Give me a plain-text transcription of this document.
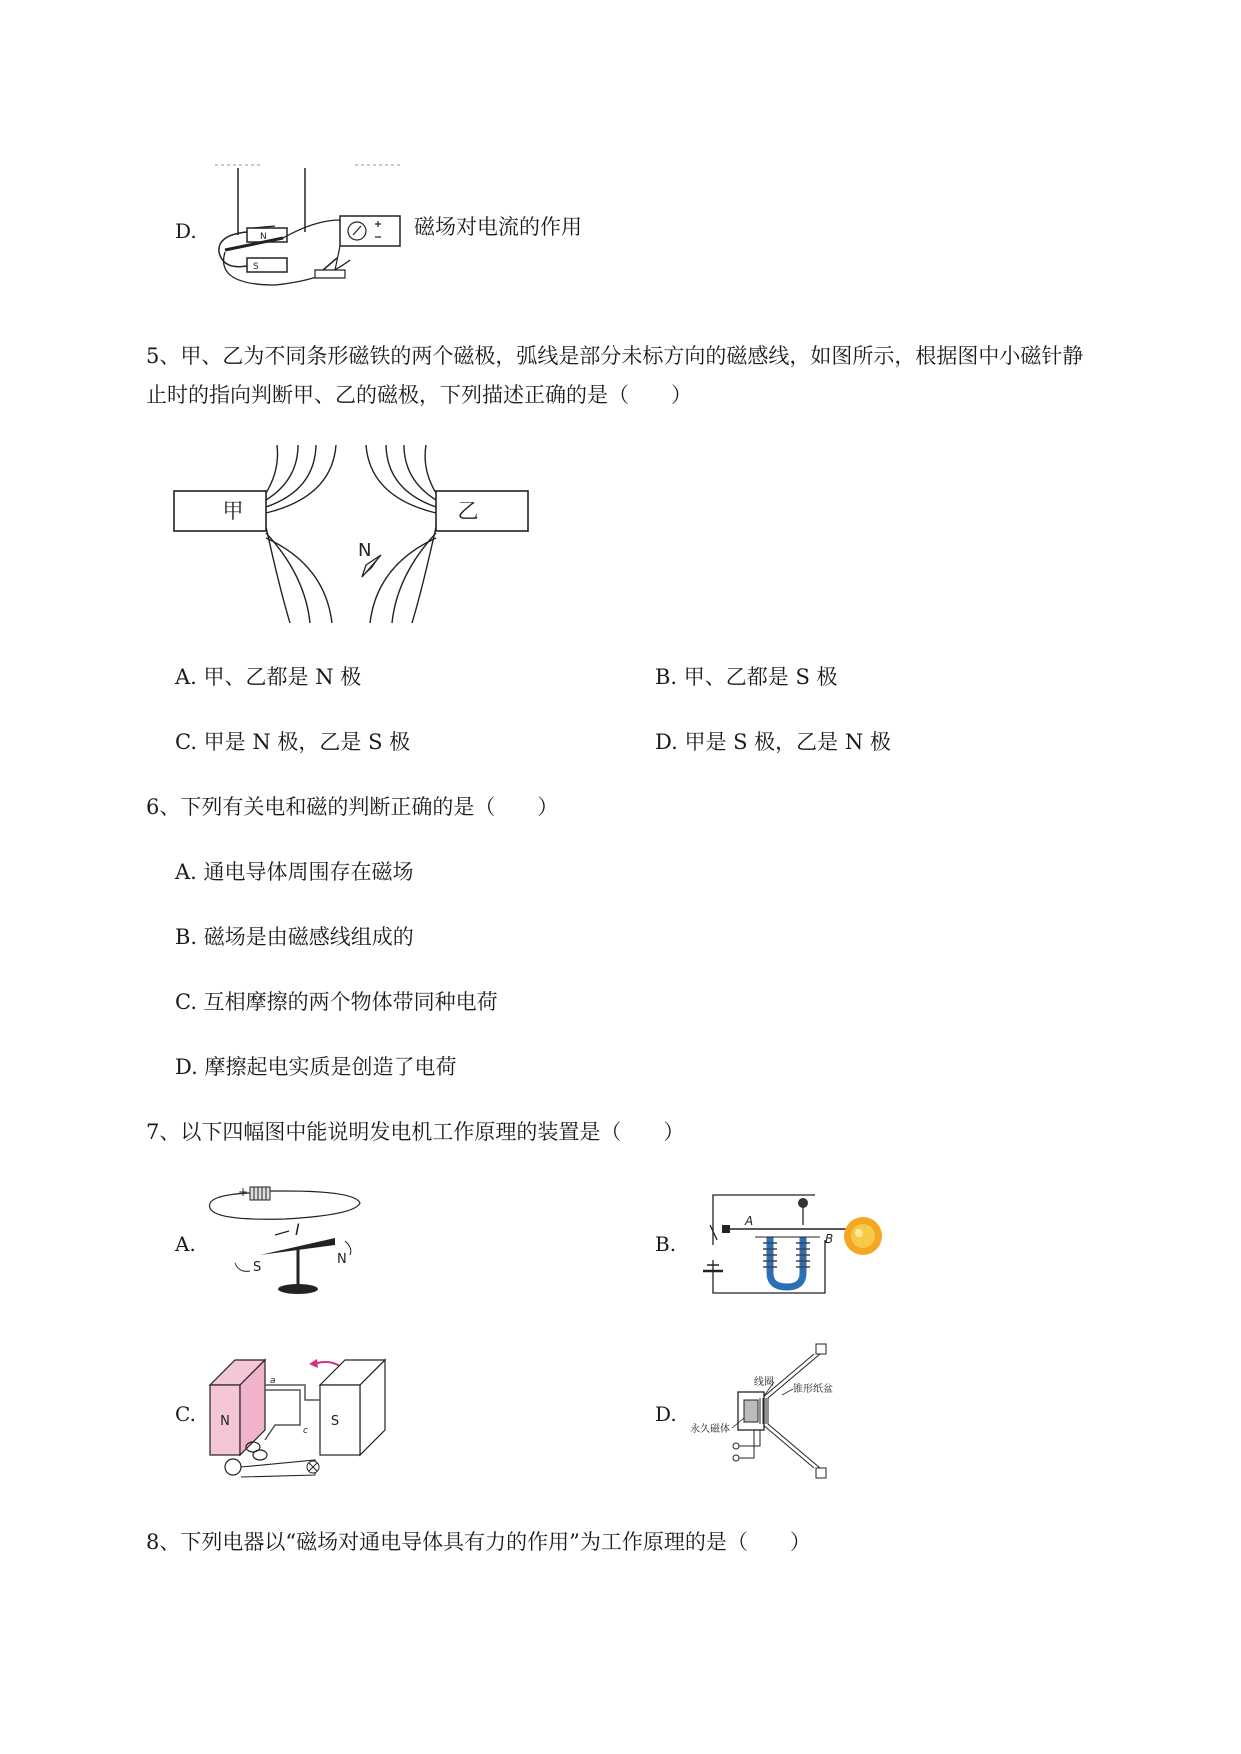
D.	N
S
磁场对电流的作用
5、甲、乙为不同条形磁铁的两个磁极，弧线是部分未标方向的磁感线，如图所示，根据图中小磁针静
止时的指向判断甲、乙的磁极，下列描述正确的是（　　）
甲	乙
N
A. 甲、乙都是 N 极	B. 甲、乙都是 S 极
C. 甲是 N 极，乙是 S 极	D. 甲是 S 极，乙是 N 极
6、下列有关电和磁的判断正确的是（　　）
A. 通电导体周围存在磁场
B. 磁场是由磁感线组成的
C. 互相摩擦的两个物体带同种电荷
D. 摩擦起电实质是创造了电荷
7、以下四幅图中能说明发电机工作原理的装置是（　　）
A.
+
I
S
N
B.
A
B
C. N	S
a
c
D.
线圈
锥形纸盆
永久磁体
8、下列电器以“磁场对通电导体具有力的作用”为工作原理的是（　　）
